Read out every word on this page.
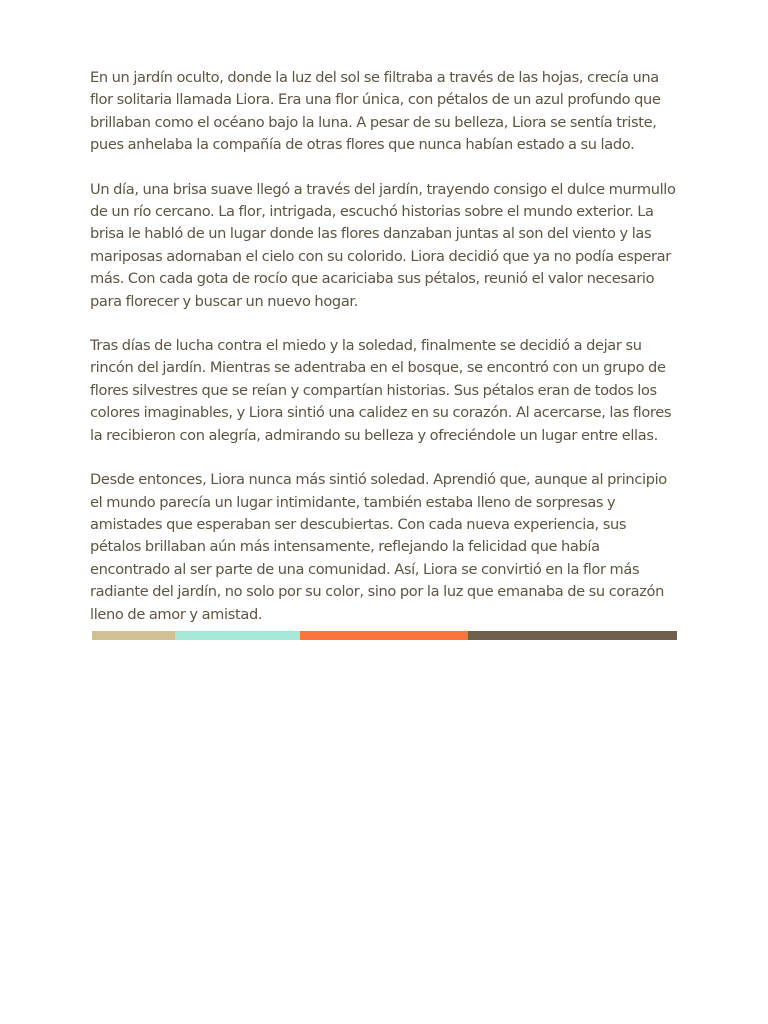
En un jardín oculto, donde la luz del sol se filtraba a través de las hojas, crecía una flor solitaria llamada Liora. Era una flor única, con pétalos de un azul profundo que brillaban como el océano bajo la luna. A pesar de su belleza, Liora se sentía triste, pues anhelaba la compañía de otras flores que nunca habían estado a su lado.

Un día, una brisa suave llegó a través del jardín, trayendo consigo el dulce murmullo de un río cercano. La flor, intrigada, escuchó historias sobre el mundo exterior. La brisa le habló de un lugar donde las flores danzaban juntas al son del viento y las mariposas adornaban el cielo con su colorido. Liora decidió que ya no podía esperar más. Con cada gota de rocío que acariciaba sus pétalos, reunió el valor necesario para florecer y buscar un nuevo hogar.

Tras días de lucha contra el miedo y la soledad, finalmente se decidió a dejar su rincón del jardín. Mientras se adentraba en el bosque, se encontró con un grupo de flores silvestres que se reían y compartían historias. Sus pétalos eran de todos los colores imaginables, y Liora sintió una calidez en su corazón. Al acercarse, las flores la recibieron con alegría, admirando su belleza y ofreciéndole un lugar entre ellas.

Desde entonces, Liora nunca más sintió soledad. Aprendió que, aunque al principio el mundo parecía un lugar intimidante, también estaba lleno de sorpresas y amistades que esperaban ser descubiertas. Con cada nueva experiencia, sus pétalos brillaban aún más intensamente, reflejando la felicidad que había encontrado al ser parte de una comunidad. Así, Liora se convirtió en la flor más radiante del jardín, no solo por su color, sino por la luz que emanaba de su corazón lleno de amor y amistad.
